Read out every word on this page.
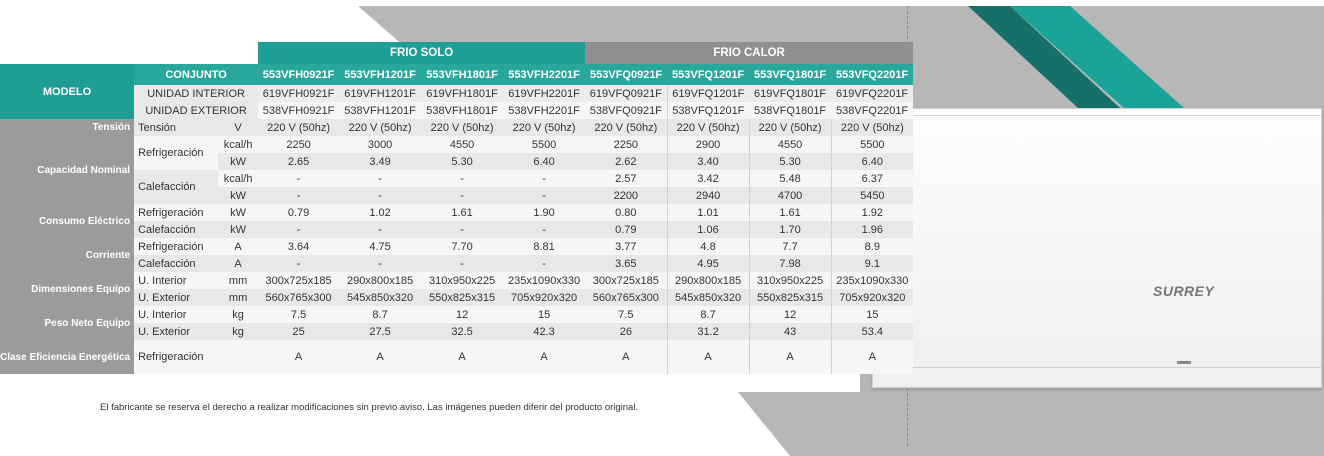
SURREY
			FRIO SOLO				FRIO CALOR			
MODELO	CONJUNTO		553VFH0921F	553VFH1201F	553VFH1801F	553VFH2201F	553VFQ0921F	553VFQ1201F	553VFQ1801F	553VFQ2201F
	UNIDAD INTERIOR		619VFH0921F	619VFH1201F	619VFH1801F	619VFH2201F	619VFQ0921F	619VFQ1201F	619VFQ1801F	619VFQ2201F
	UNIDAD EXTERIOR		538VFH0921F	538VFH1201F	538VFH1801F	538VFH2201F	538VFQ0921F	538VFQ1201F	538VFQ1801F	538VFQ2201F
Tensión	Tensión	V	220 V (50hz)	220 V (50hz)	220 V (50hz)	220 V (50hz)	220 V (50hz)	220 V (50hz)	220 V (50hz)	220 V (50hz)
Capacidad Nominal	Refrigeración	kcal/h	2250	3000	4550	5500	2250	2900	4550	5500
		kW	2.65	3.49	5.30	6.40	2.62	3.40	5.30	6.40
	Calefacción	kcal/h	-	-	-	-	2.57	3.42	5.48	6.37
		kW	-	-	-	-	2200	2940	4700	5450
Consumo Eléctrico	Refrigeración	kW	0.79	1.02	1.61	1.90	0.80	1.01	1.61	1.92
	Calefacción	kW	-	-	-	-	0.79	1.06	1.70	1.96
Corriente	Refrigeración	A	3.64	4.75	7.70	8.81	3.77	4.8	7.7	8.9
	Calefacción	A	-	-	-	-	3.65	4.95	7.98	9.1
Dimensiones Equipo	U. Interior	mm	300x725x185	290x800x185	310x950x225	235x1090x330	300x725x185	290x800x185	310x950x225	235x1090x330
	U. Exterior	mm	560x765x300	545x850x320	550x825x315	705x920x320	560x765x300	545x850x320	550x825x315	705x920x320
Peso Neto Equipo	U. Interior	kg	7.5	8.7	12	15	7.5	8.7	12	15
	U. Exterior	kg	25	27.5	32.5	42.3	26	31.2	43	53.4
Clase Eficiencia Energética	Refrigeración		A	A	A	A	A	A	A	A
El fabricante se reserva el derecho a realizar modificaciones sin previo aviso. Las imágenes pueden diferir del producto original.
